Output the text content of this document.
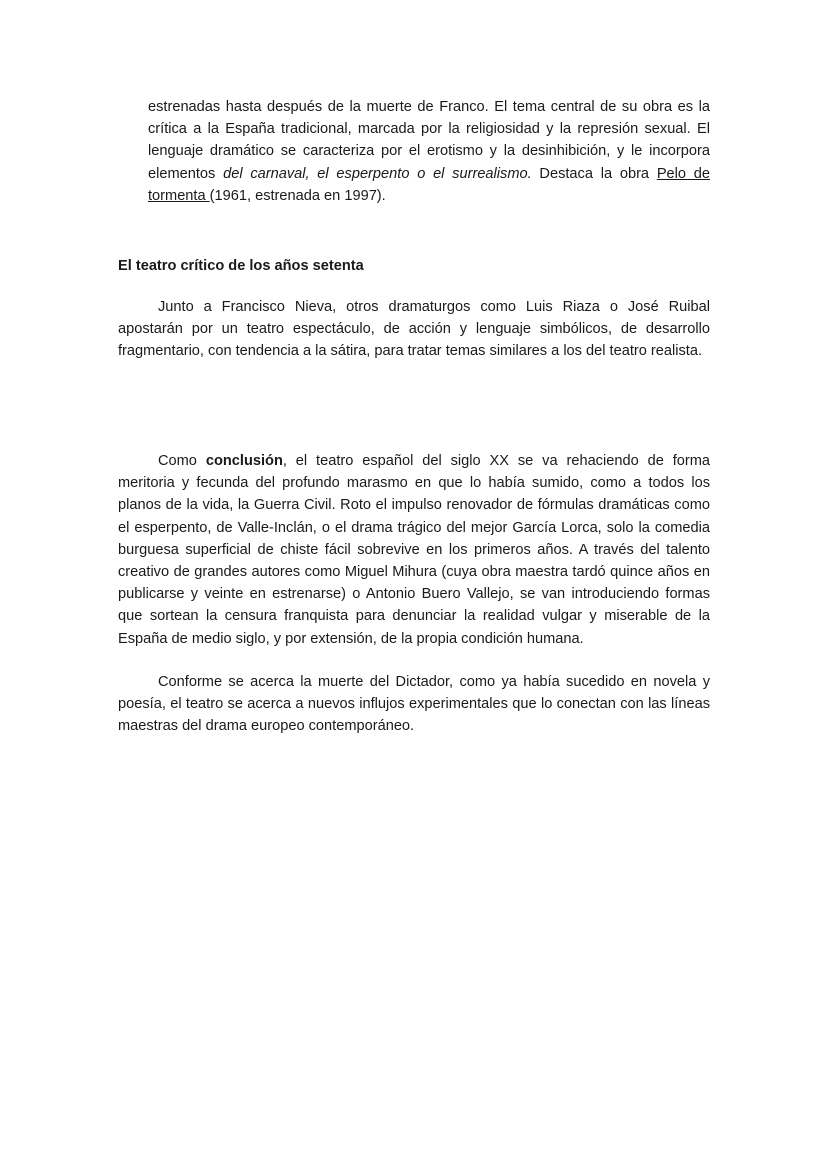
estrenadas hasta después de la muerte de Franco. El tema central de su obra es la crítica a la España tradicional, marcada por la religiosidad y la represión sexual. El lenguaje dramático se caracteriza por el erotismo y la desinhibición, y le incorpora elementos del carnaval, el esperpento o el surrealismo. Destaca la obra Pelo de tormenta (1961, estrenada en 1997).

El teatro crítico de los años setenta

Junto a Francisco Nieva, otros dramaturgos como Luis Riaza o José Ruibal apostarán por un teatro espectáculo, de acción y lenguaje simbólicos, de desarrollo fragmentario, con tendencia a la sátira, para tratar temas similares a los del teatro realista.

Como conclusión, el teatro español del siglo XX se va rehaciendo de forma meritoria y fecunda del profundo marasmo en que lo había sumido, como a todos los planos de la vida, la Guerra Civil. Roto el impulso renovador de fórmulas dramáticas como el esperpento, de Valle-Inclán, o el drama trágico del mejor García Lorca, solo la comedia burguesa superficial de chiste fácil sobrevive en los primeros años. A través del talento creativo de grandes autores como Miguel Mihura (cuya obra maestra tardó quince años en publicarse y veinte en estrenarse) o Antonio Buero Vallejo, se van introduciendo formas que sortean la censura franquista para denunciar la realidad vulgar y miserable de la España de medio siglo, y por extensión, de la propia condición humana.

Conforme se acerca la muerte del Dictador, como ya había sucedido en novela y poesía, el teatro se acerca a nuevos influjos experimentales que lo conectan con las líneas maestras del drama europeo contemporáneo.
